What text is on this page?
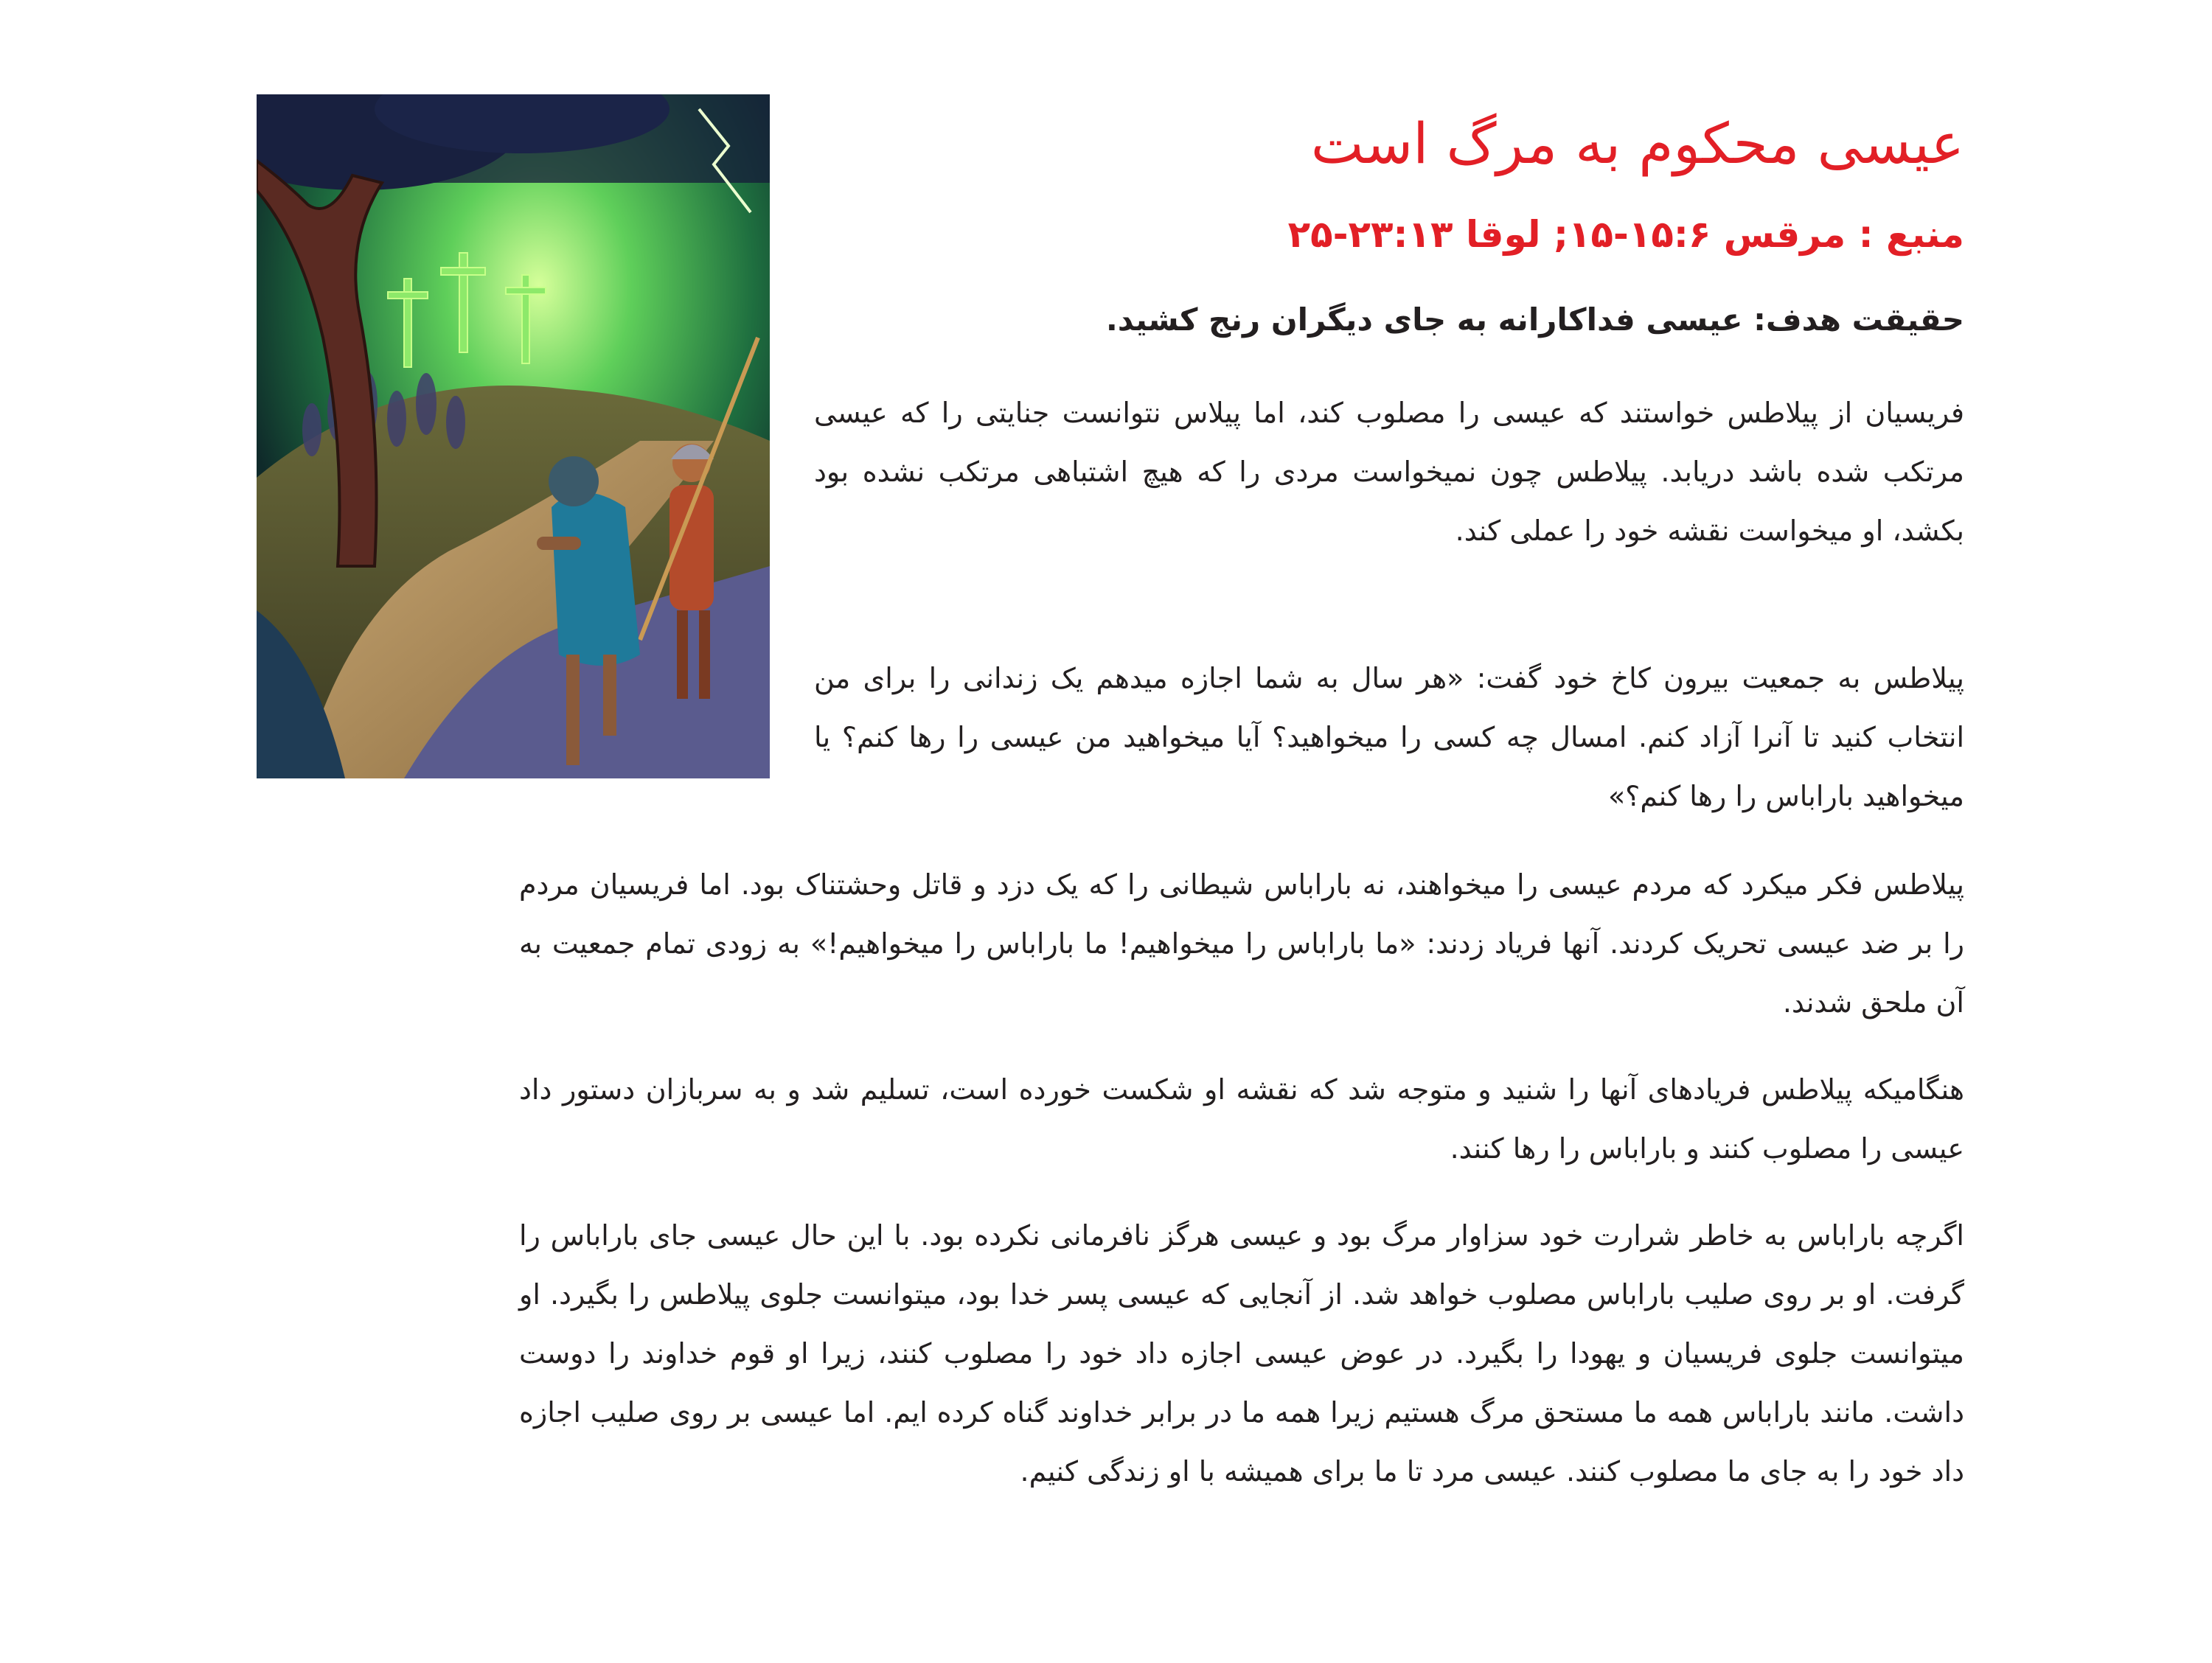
عیسی محکوم به مرگ است
منبع : مرقس ۱۵:۶-۱۵; لوقا ۲۳:۱۳-۲۵

حقیقت هدف: عیسی فداکارانه به جای دیگران رنج کشید.

فریسیان از پیلاطس خواستند که عیسی را مصلوب کند، اما پیلاس نتوانست جنایتی را که عیسی مرتکب شده باشد دریابد. پیلاطس چون نمیخواست مردی را که هیچ اشتباهی مرتکب نشده بود بکشد، او میخواست نقشه خود را عملی کند.

پیلاطس به جمعیت بیرون کاخ خود گفت: «هر سال به شما اجازه میدهم یک زندانی را برای من انتخاب کنید تا آنرا آزاد کنم. امسال چه کسی را میخواهید؟ آیا میخواهید من عیسی را رها کنم؟ یا میخواهید باراباس را رها کنم؟»

پیلاطس فکر میکرد که مردم عیسی را میخواهند، نه باراباس شیطانی را که یک دزد و قاتل وحشتناک بود. اما فریسیان مردم را بر ضد عیسی تحریک کردند. آنها فریاد زدند: «ما باراباس را میخواهیم! ما باراباس را میخواهیم!» به زودی تمام جمعیت به آن ملحق شدند.

هنگامیکه پیلاطس فریادهای آنها را شنید و متوجه شد که نقشه او شکست خورده است، تسلیم شد و به سربازان دستور داد عیسی را مصلوب کنند و باراباس را رها کنند.

اگرچه باراباس به خاطر شرارت خود سزاوار مرگ بود و عیسی هرگز نافرمانی نکرده بود. با این حال عیسی جای باراباس را گرفت. او بر روی صلیب باراباس مصلوب خواهد شد. از آنجایی که عیسی پسر خدا بود، میتوانست جلوی پیلاطس را بگیرد. او میتوانست جلوی فریسیان و یهودا را بگیرد. در عوض عیسی اجازه داد خود را مصلوب کنند، زیرا او قوم خداوند را دوست داشت. مانند باراباس همه ما مستحق مرگ هستیم زیرا همه ما در برابر خداوند گناه کرده ایم. اما عیسی بر روی صلیب اجازه داد خود را به جای ما مصلوب کنند. عیسی مرد تا ما برای همیشه با او زندگی کنیم.
